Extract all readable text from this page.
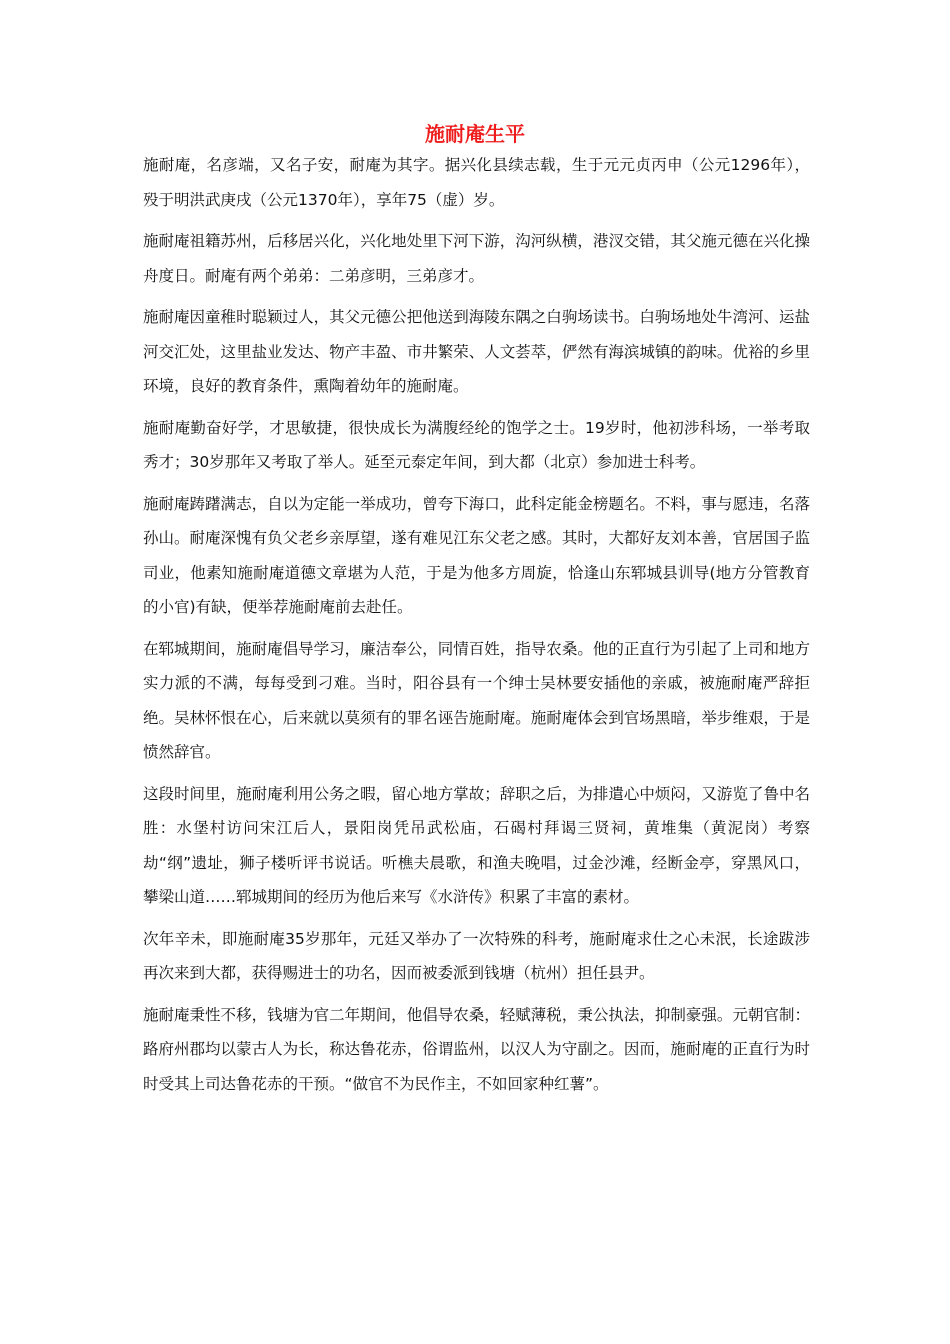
施耐庵生平

施耐庵，名彦端，又名子安，耐庵为其字。据兴化县续志载，生于元元贞丙申（公元1296年），殁于明洪武庚戌（公元1370年），享年75（虚）岁。

施耐庵祖籍苏州，后移居兴化，兴化地处里下河下游，沟河纵横，港汊交错，其父施元德在兴化操舟度日。耐庵有两个弟弟：二弟彦明，三弟彦才。

施耐庵因童稚时聪颖过人，其父元德公把他送到海陵东隅之白驹场读书。白驹场地处牛湾河、运盐河交汇处，这里盐业发达、物产丰盈、市井繁荣、人文荟萃，俨然有海滨城镇的韵味。优裕的乡里环境，良好的教育条件，熏陶着幼年的施耐庵。

施耐庵勤奋好学，才思敏捷，很快成长为满腹经纶的饱学之士。19岁时，他初涉科场，一举考取秀才；30岁那年又考取了举人。延至元泰定年间，到大都（北京）参加进士科考。

施耐庵踌躇满志，自以为定能一举成功，曾夸下海口，此科定能金榜题名。不料，事与愿违，名落孙山。耐庵深愧有负父老乡亲厚望，遂有难见江东父老之感。其时，大都好友刘本善，官居国子监司业，他素知施耐庵道德文章堪为人范，于是为他多方周旋，恰逢山东郓城县训导(地方分管教育的小官)有缺，便举荐施耐庵前去赴任。

在郓城期间，施耐庵倡导学习，廉洁奉公，同情百姓，指导农桑。他的正直行为引起了上司和地方实力派的不满，每每受到刁难。当时，阳谷县有一个绅士吴林要安插他的亲戚，被施耐庵严辞拒绝。吴林怀恨在心，后来就以莫须有的罪名诬告施耐庵。施耐庵体会到官场黑暗，举步维艰，于是愤然辞官。

这段时间里，施耐庵利用公务之暇，留心地方掌故；辞职之后，为排遣心中烦闷，又游览了鲁中名胜：水堡村访问宋江后人，景阳岗凭吊武松庙，石碣村拜谒三贤祠，黄堆集（黄泥岗）考察劫“纲”遗址，狮子楼听评书说话。听樵夫晨歌，和渔夫晚唱，过金沙滩，经断金亭，穿黑风口，攀梁山道……郓城期间的经历为他后来写《水浒传》积累了丰富的素材。

次年辛未，即施耐庵35岁那年，元廷又举办了一次特殊的科考，施耐庵求仕之心未泯，长途跋涉再次来到大都，获得赐进士的功名，因而被委派到钱塘（杭州）担任县尹。

施耐庵秉性不移，钱塘为官二年期间，他倡导农桑，轻赋薄税，秉公执法，抑制豪强。元朝官制：路府州郡均以蒙古人为长，称达鲁花赤，俗谓监州，以汉人为守副之。因而，施耐庵的正直行为时时受其上司达鲁花赤的干预。“做官不为民作主，不如回家种红薯”。
